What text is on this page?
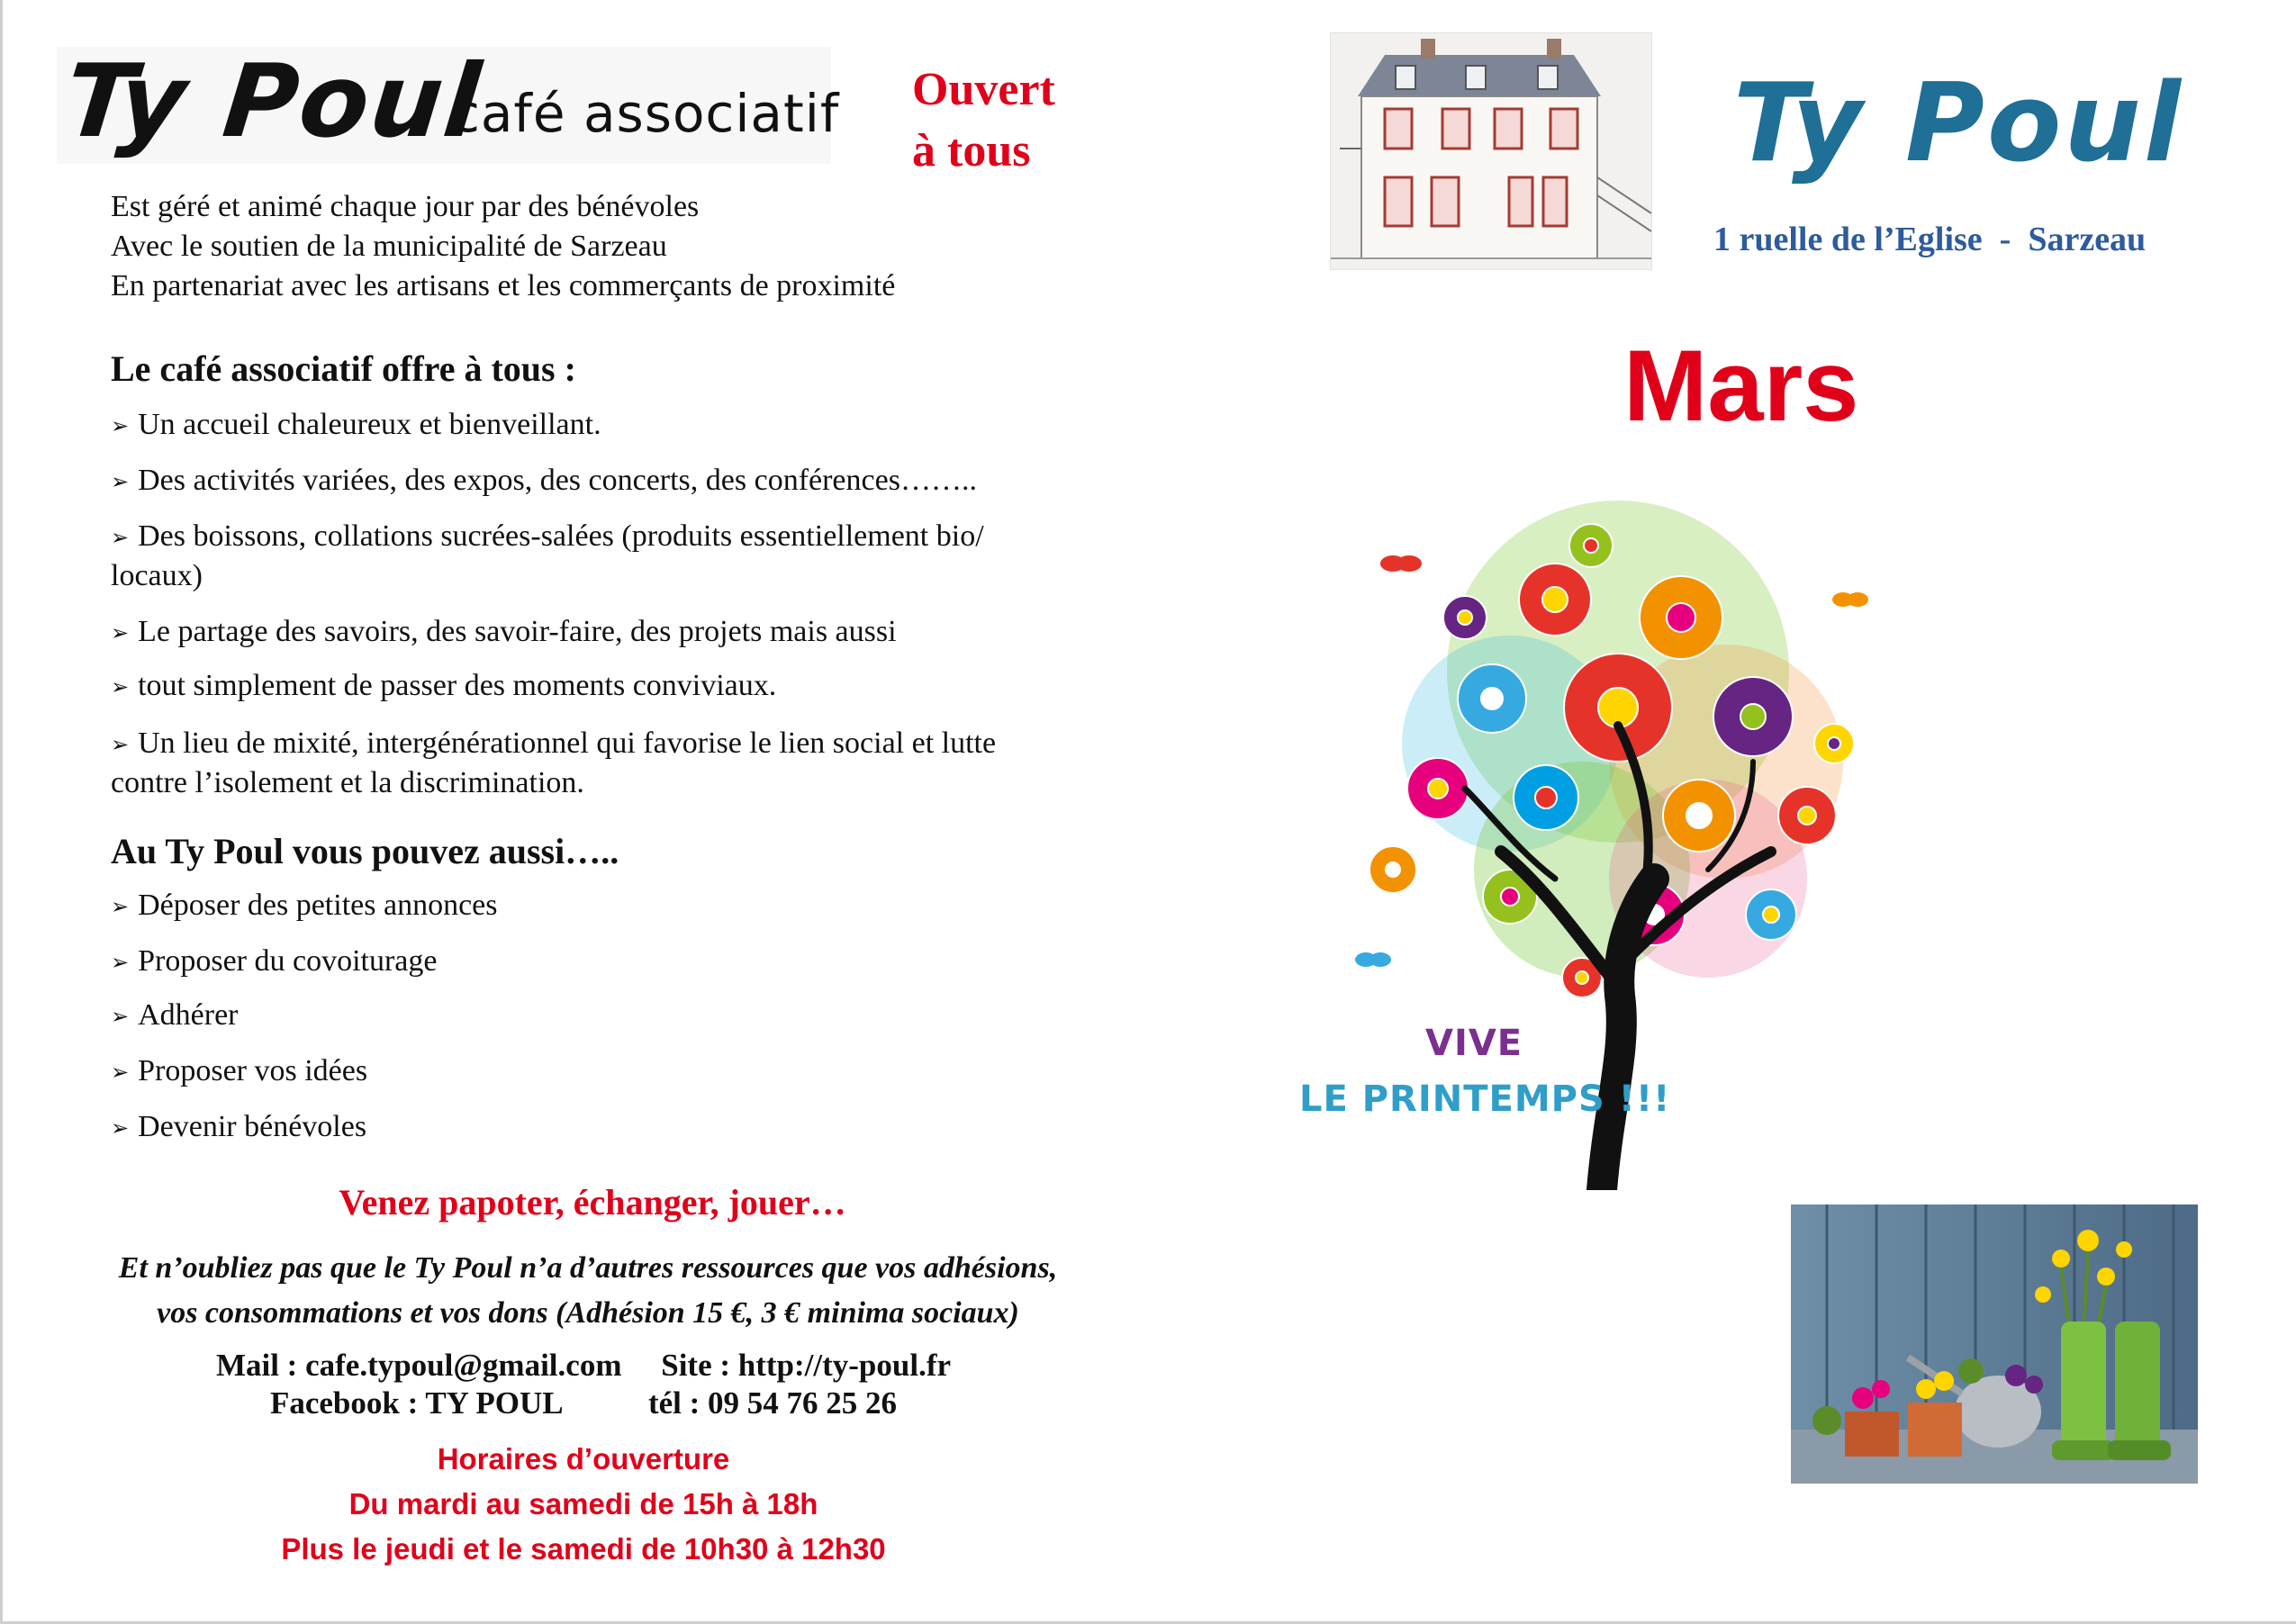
Ty Poul
café associatif Ouvert
à tous
Est géré et animé chaque jour par des bénévoles
Avec le soutien de la municipalité de Sarzeau
En partenariat avec les artisans et les commerçants de proximité
Le café associatif offre à tous :
➢ Un accueil chaleureux et bienveillant.
➢ Des activités variées, des expos, des concerts, des conférences……..
➢ Des boissons, collations sucrées-salées (produits essentiellement bio/
locaux)
➢ Le partage des savoirs, des savoir-faire, des projets mais aussi
➢ tout simplement de passer des moments conviviaux.
➢ Un lieu de mixité, intergénérationnel qui favorise le lien social et lutte
contre l’isolement et la discrimination.
Au Ty Poul vous pouvez aussi…..
➢ Déposer des petites annonces
➢ Proposer du covoiturage
➢ Adhérer
➢ Proposer vos idées
➢ Devenir bénévoles
Venez papoter, échanger, jouer…
Et n’oubliez pas que le Ty Poul n’a d’autres ressources que vos adhésions,
vos consommations et vos dons (Adhésion 15 €, 3 € minima sociaux)
Mail : cafe.typoul@gmail.com Site : http://ty-poul.fr
Facebook : TY POUL	tél : 09 54 76 25 26
Horaires d’ouverture
Du mardi au samedi de 15h à 18h
Plus le jeudi et le samedi de 10h30 à 12h30
Ty Poul
1 ruelle de l’Eglise  -  Sarzeau
Mars
VIVE
LE PRINTEMPS !!!
